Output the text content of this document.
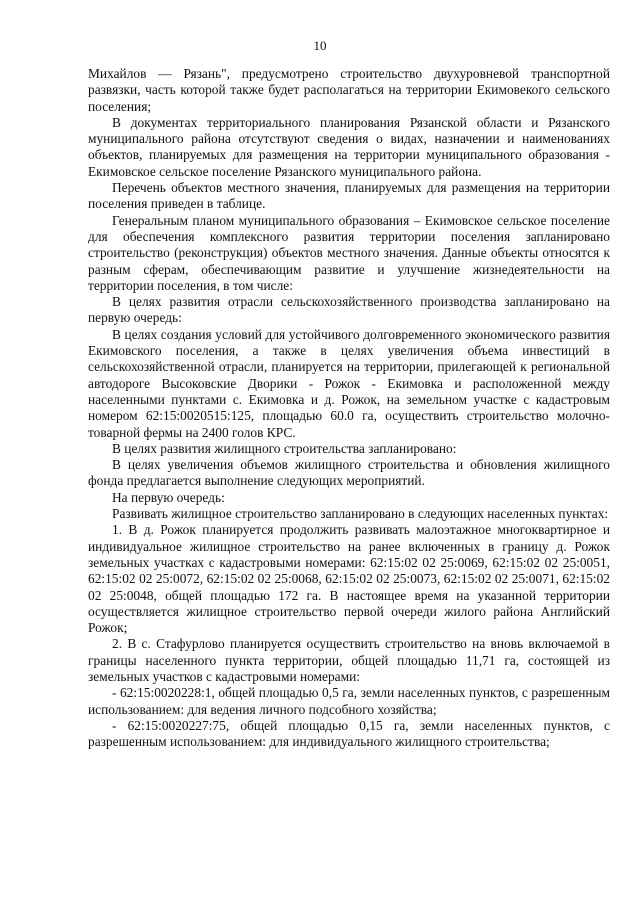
10

Михайлов — Рязань", предусмотрено строительство двухуровневой транспортной развязки, часть которой также будет располагаться на территории Екимовекого сельского поселения;

В документах территориального планирования Рязанской области и Рязанского муниципального района отсутствуют сведения о видах, назначении и наименованиях объектов, планируемых для размещения на территории муниципального образования - Екимовское сельское поселение Рязанского муниципального района.

Перечень объектов местного значения, планируемых для размещения на территории поселения приведен в таблице.

Генеральным планом муниципального образования – Екимовское сельское поселение для обеспечения комплексного развития территории поселения запланировано строительство (реконструкция) объектов местного значения. Данные объекты относятся к разным сферам, обеспечивающим развитие и улучшение жизнедеятельности на территории поселения, в том числе:

В целях развития отрасли сельскохозяйственного производства запланировано на первую очередь:

В целях создания условий для устойчивого долговременного экономического развития Екимовского поселения, а также в целях увеличения объема инвестиций в сельскохозяйственной отрасли, планируется на территории, прилегающей к региональной автодороге Высоковские Дворики - Рожок - Екимовка и расположенной между населенными пунктами с. Екимовка и д. Рожок, на земельном участке с кадастровым номером 62:15:0020515:125, площадью 60.0 га, осуществить строительство молочно-товарной фермы на 2400 голов КРС.

В целях развития жилищного строительства запланировано:

В целях увеличения объемов жилищного строительства и обновления жилищного фонда предлагается выполнение следующих мероприятий.

На первую очередь:

Развивать жилищное строительство запланировано в следующих населенных пунктах:

1. В д. Рожок планируется продолжить развивать малоэтажное многоквартирное и индивидуальное жилищное строительство на ранее включенных в границу д. Рожок земельных участках с кадастровыми номерами: 62:15:02 02 25:0069, 62:15:02 02 25:0051, 62:15:02 02 25:0072, 62:15:02 02 25:0068, 62:15:02 02 25:0073, 62:15:02 02 25:0071, 62:15:02 02 25:0048, общей площадью 172 га. В настоящее время на указанной территории осуществляется жилищное строительство первой очереди жилого района Английский Рожок;

2. В с. Стафурлово планируется осуществить строительство на вновь включаемой в границы населенного пункта территории, общей площадью 11,71 га, состоящей из земельных участков с кадастровыми номерами:

- 62:15:0020228:1, общей площадью 0,5 га, земли населенных пунктов, с разрешенным использованием: для ведения личного подсобного хозяйства;

- 62:15:0020227:75, общей площадью 0,15 га, земли населенных пунктов, с разрешенным использованием: для индивидуального жилищного строительства;
